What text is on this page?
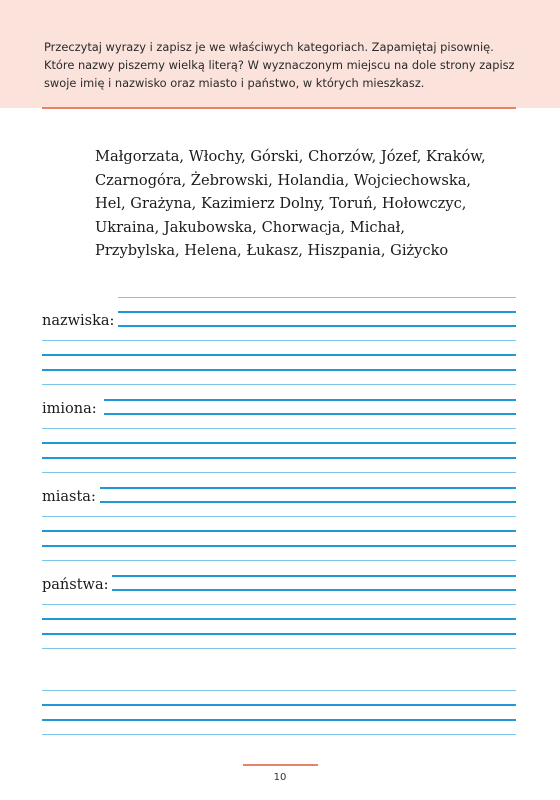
Przeczytaj wyrazy i zapisz je we właściwych kategoriach. Zapamiętaj pisownię. Które nazwy piszemy wielką literą? W wyznaczonym miejscu na dole strony zapisz swoje imię i nazwisko oraz miasto i państwo, w których mieszkasz.

Małgorzata, Włochy, Górski, Chorzów, Józef, Kraków,
Czarnogóra, Żebrowski, Holandia, Wojciechowska,
Hel, Grażyna, Kazimierz Dolny, Toruń, Hołowczyc,
Ukraina, Jakubowska, Chorwacja, Michał,
Przybylska, Helena, Łukasz, Hiszpania, Giżycko
nazwiska:
imiona:
miasta:
państwa:
10
